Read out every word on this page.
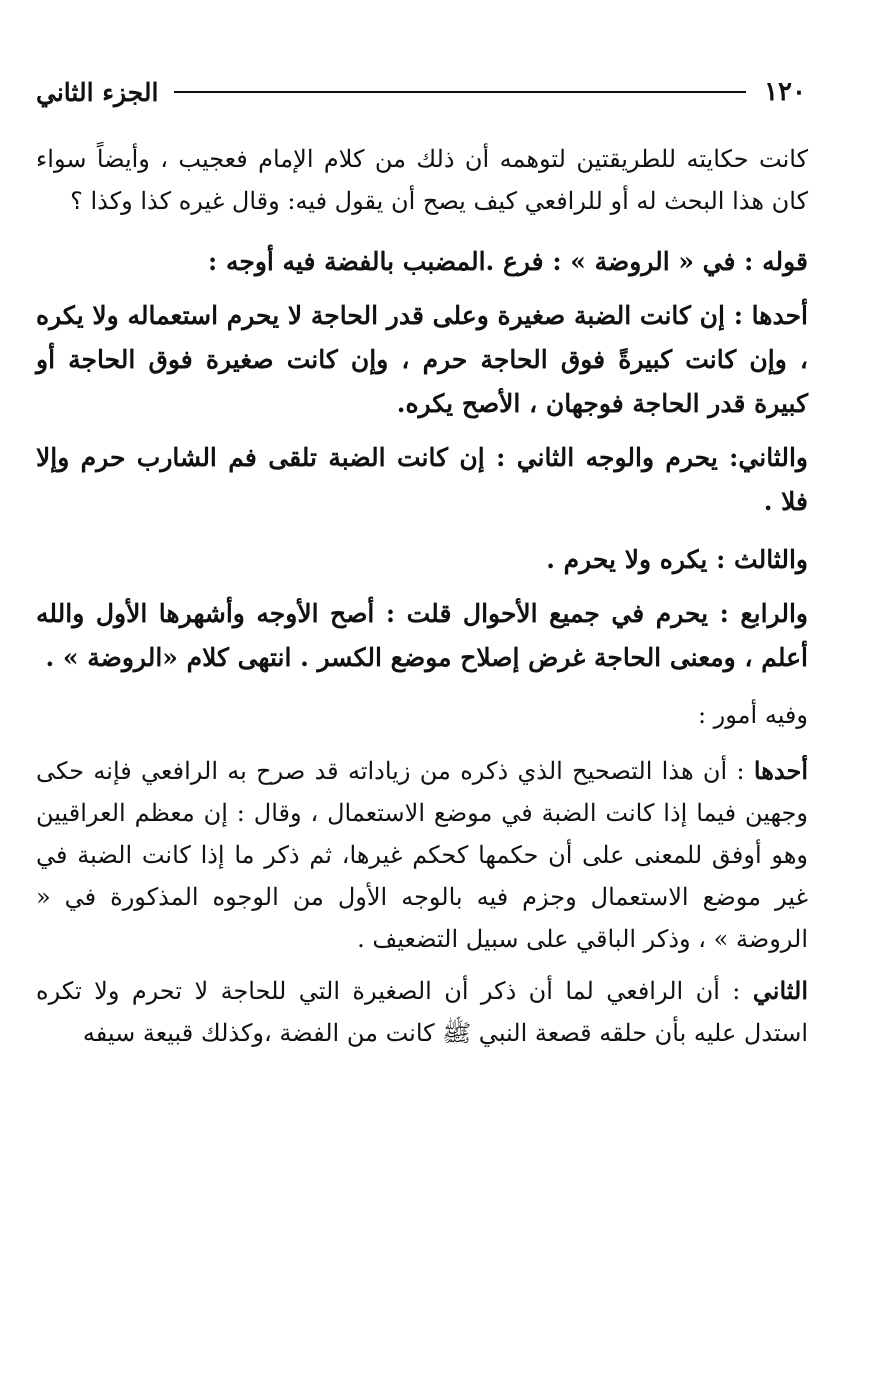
١٢٠
الجزء الثاني

كانت حكايته للطريقتين لتوهمه أن ذلك من كلام الإمام فعجيب ، وأيضاً سواء كان هذا البحث له أو للرافعي كيف يصح أن يقول فيه: وقال غيره كذا وكذا ؟

قوله : في « الروضة » : فرع .المضبب بالفضة فيه أوجه :

أحدها : إن كانت الضبة صغيرة وعلى قدر الحاجة لا يحرم استعماله ولا يكره ، وإن كانت كبيرةً فوق الحاجة حرم ، وإن كانت صغيرة فوق الحاجة أو كبيرة قدر الحاجة فوجهان ، الأصح يكره.

والثاني: يحرم والوجه الثاني : إن كانت الضبة تلقى فم الشارب حرم وإلا فلا .

والثالث : يكره ولا يحرم .

والرابع : يحرم في جميع الأحوال قلت : أصح الأوجه وأشهرها الأول والله أعلم ، ومعنى الحاجة غرض إصلاح موضع الكسر . انتهى كلام «الروضة » .

وفيه أمور :

أحدها : أن هذا التصحيح الذي ذكره من زياداته قد صرح به الرافعي فإنه حكى وجهين فيما إذا كانت الضبة في موضع الاستعمال ، وقال : إن معظم العراقيين وهو أوفق للمعنى على أن حكمها كحكم غيرها، ثم ذكر ما إذا كانت الضبة في غير موضع الاستعمال وجزم فيه بالوجه الأول من الوجوه المذكورة في « الروضة » ، وذكر الباقي على سبيل التضعيف .

الثاني : أن الرافعي لما أن ذكر أن الصغيرة التي للحاجة لا تحرم ولا تكره استدل عليه بأن حلقه قصعة النبي ﷺ كانت من الفضة ،وكذلك قبيعة سيفه
